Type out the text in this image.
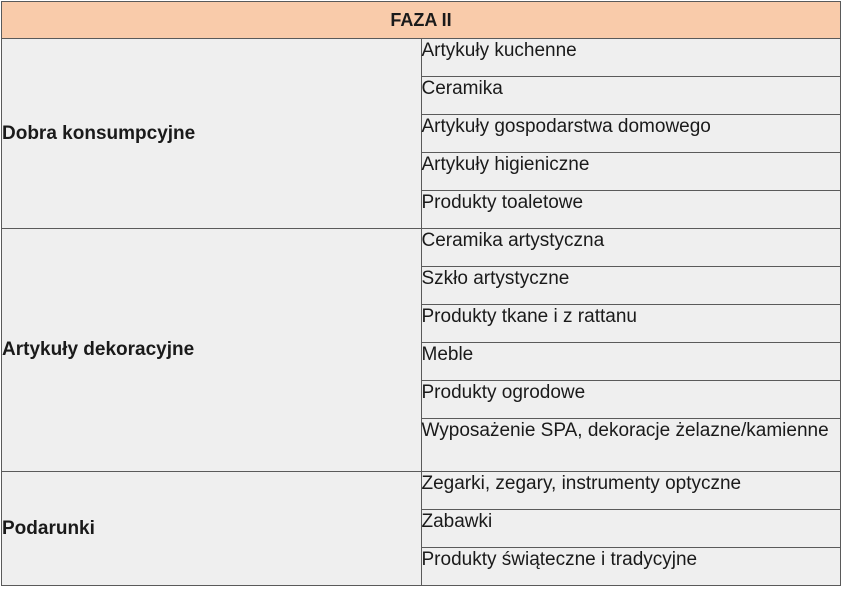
FAZA II	
Dobra konsumpcyjne	Artykuły kuchenne
	Ceramika
	Artykuły gospodarstwa domowego
	Artykuły higieniczne
	Produkty toaletowe
Artykuły dekoracyjne	Ceramika artystyczna
	Szkło artystyczne
	Produkty tkane i z rattanu
	Meble
	Produkty ogrodowe
	Wyposażenie SPA, dekoracje żelazne/kamienne
Podarunki	Zegarki, zegary, instrumenty optyczne
	Zabawki
	Produkty świąteczne i tradycyjne
